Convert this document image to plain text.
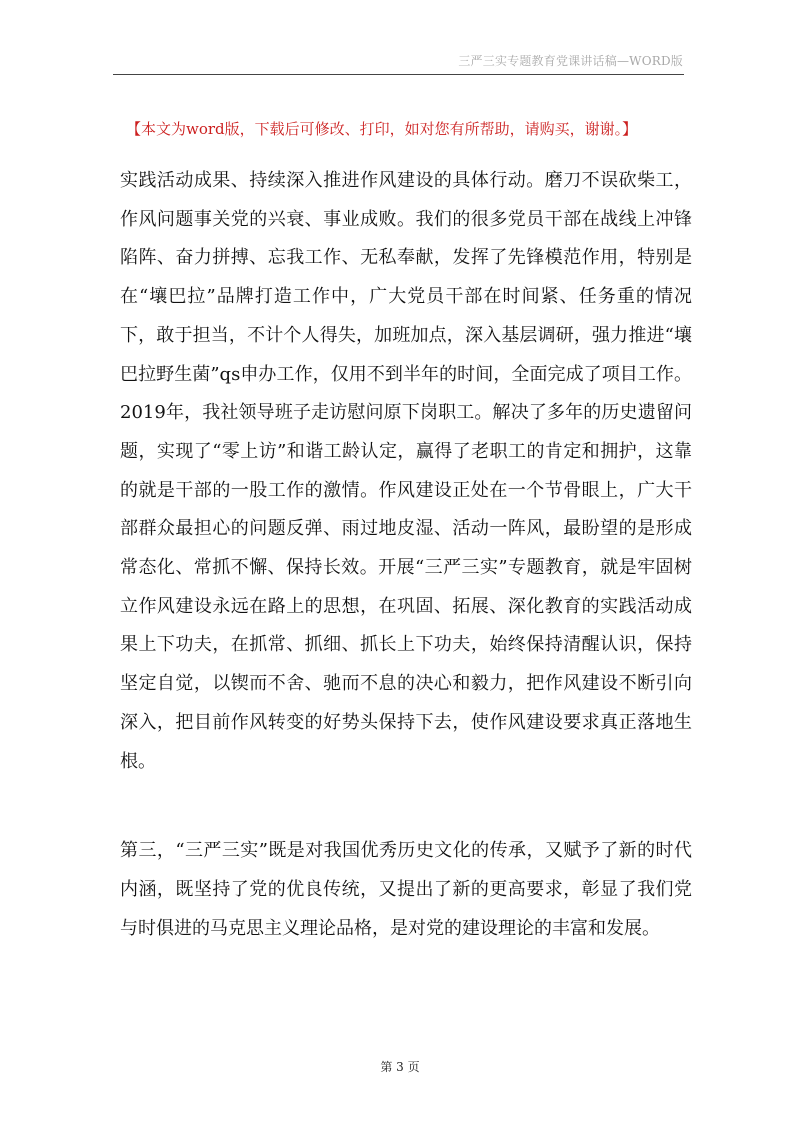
三严三实专题教育党课讲话稿—WORD版
【本文为word版，下载后可修改、打印，如对您有所帮助，请购买，谢谢。】

实践活动成果、持续深入推进作风建设的具体行动。磨刀不误砍柴工，作风问题事关党的兴衰、事业成败。我们的很多党员干部在战线上冲锋陷阵、奋力拼搏、忘我工作、无私奉献，发挥了先锋模范作用，特别是在“壤巴拉”品牌打造工作中，广大党员干部在时间紧、任务重的情况下，敢于担当，不计个人得失，加班加点，深入基层调研，强力推进“壤巴拉野生菌”qs申办工作，仅用不到半年的时间，全面完成了项目工作。2019年，我社领导班子走访慰问原下岗职工。解决了多年的历史遗留问题，实现了“零上访”和谐工龄认定，赢得了老职工的肯定和拥护，这靠的就是干部的一股工作的激情。作风建设正处在一个节骨眼上，广大干部群众最担心的问题反弹、雨过地皮湿、活动一阵风，最盼望的是形成常态化、常抓不懈、保持长效。开展“三严三实”专题教育，就是牢固树立作风建设永远在路上的思想，在巩固、拓展、深化教育的实践活动成果上下功夫，在抓常、抓细、抓长上下功夫，始终保持清醒认识，保持坚定自觉，以锲而不舍、驰而不息的决心和毅力，把作风建设不断引向深入，把目前作风转变的好势头保持下去，使作风建设要求真正落地生根。

第三，“三严三实”既是对我国优秀历史文化的传承，又赋予了新的时代内涵，既坚持了党的优良传统，又提出了新的更高要求，彰显了我们党与时俱进的马克思主义理论品格，是对党的建设理论的丰富和发展。

第 3 页
